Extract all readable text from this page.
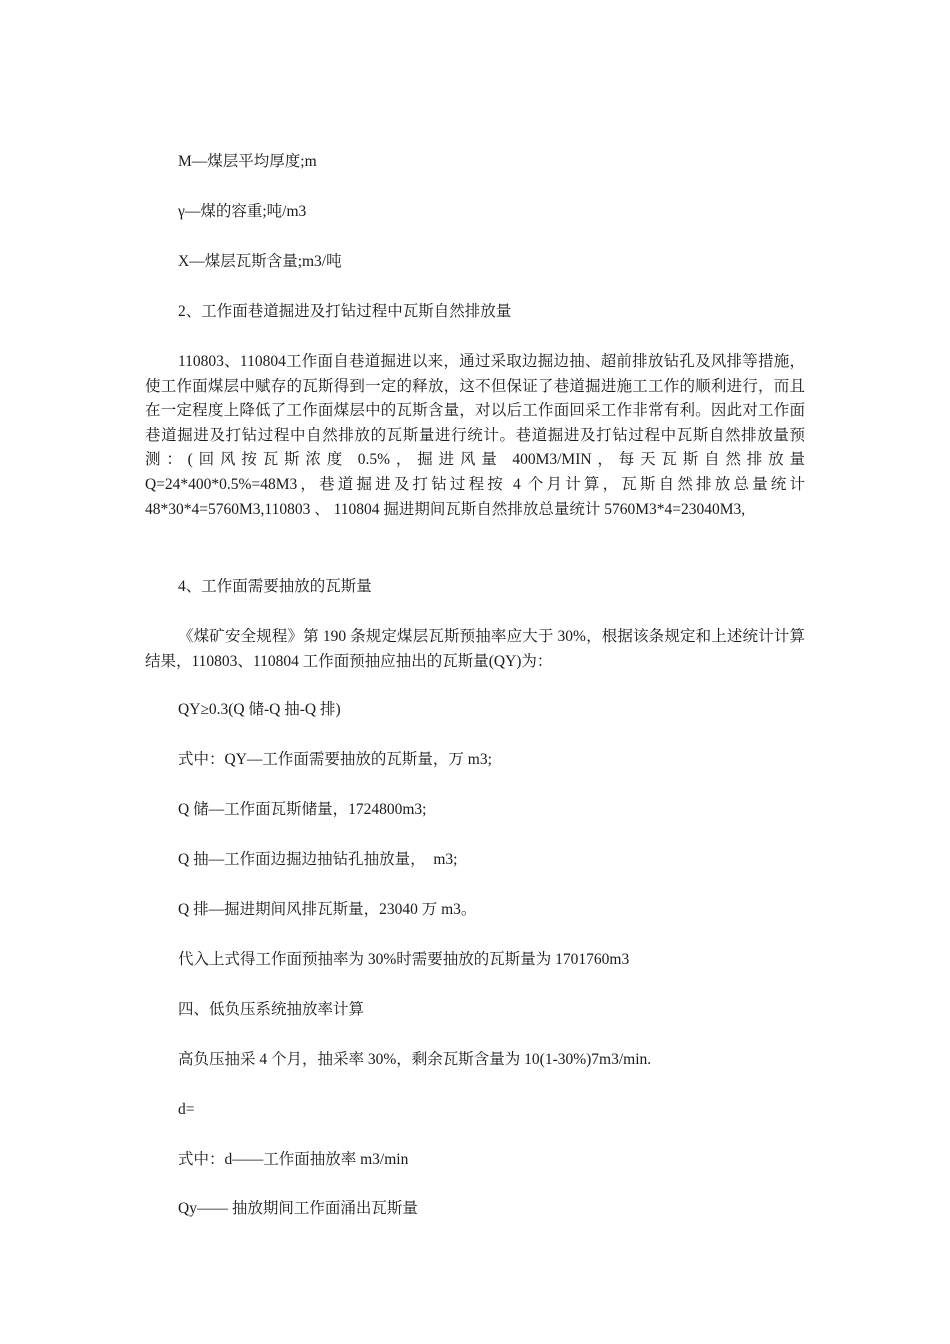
M—煤层平均厚度;m
γ—煤的容重;吨/m3
X—煤层瓦斯含量;m3/吨
2、工作面巷道掘进及打钻过程中瓦斯自然排放量
110803、110804工作面自巷道掘进以来，通过采取边掘边抽、超前排放钻孔及风排等措施，使工作面煤层中赋存的瓦斯得到一定的释放，这不但保证了巷道掘进施工工作的顺利进行，而且在一定程度上降低了工作面煤层中的瓦斯含量，对以后工作面回采工作非常有利。因此对工作面巷道掘进及打钻过程中自然排放的瓦斯量进行统计。巷道掘进及打钻过程中瓦斯自然排放量预测：(回风按瓦斯浓度 0.5%，掘进风量 400M3/MIN，每天瓦斯自然排放量 Q=24*400*0.5%=48M3，巷道掘进及打钻过程按 4 个月计算，瓦斯自然排放总量统计 48*30*4=5760M3,110803 、 110804 掘进期间瓦斯自然排放总量统计 5760M3*4=23040M3,
4、工作面需要抽放的瓦斯量
《煤矿安全规程》第 190 条规定煤层瓦斯预抽率应大于 30%，根据该条规定和上述统计计算结果，110803、110804 工作面预抽应抽出的瓦斯量(QY)为：
QY≥0.3(Q 储-Q 抽-Q 排)
式中：QY—工作面需要抽放的瓦斯量，万 m3;
Q 储—工作面瓦斯储量，1724800m3;
Q 抽—工作面边掘边抽钻孔抽放量，  m3;
Q 排—掘进期间风排瓦斯量，23040 万 m3。
代入上式得工作面预抽率为 30%时需要抽放的瓦斯量为 1701760m3
四、低负压系统抽放率计算
高负压抽采 4 个月，抽采率 30%，剩余瓦斯含量为 10(1-30%)7m3/min.
d=
式中：d——工作面抽放率 m3/min
Qy—— 抽放期间工作面涌出瓦斯量
